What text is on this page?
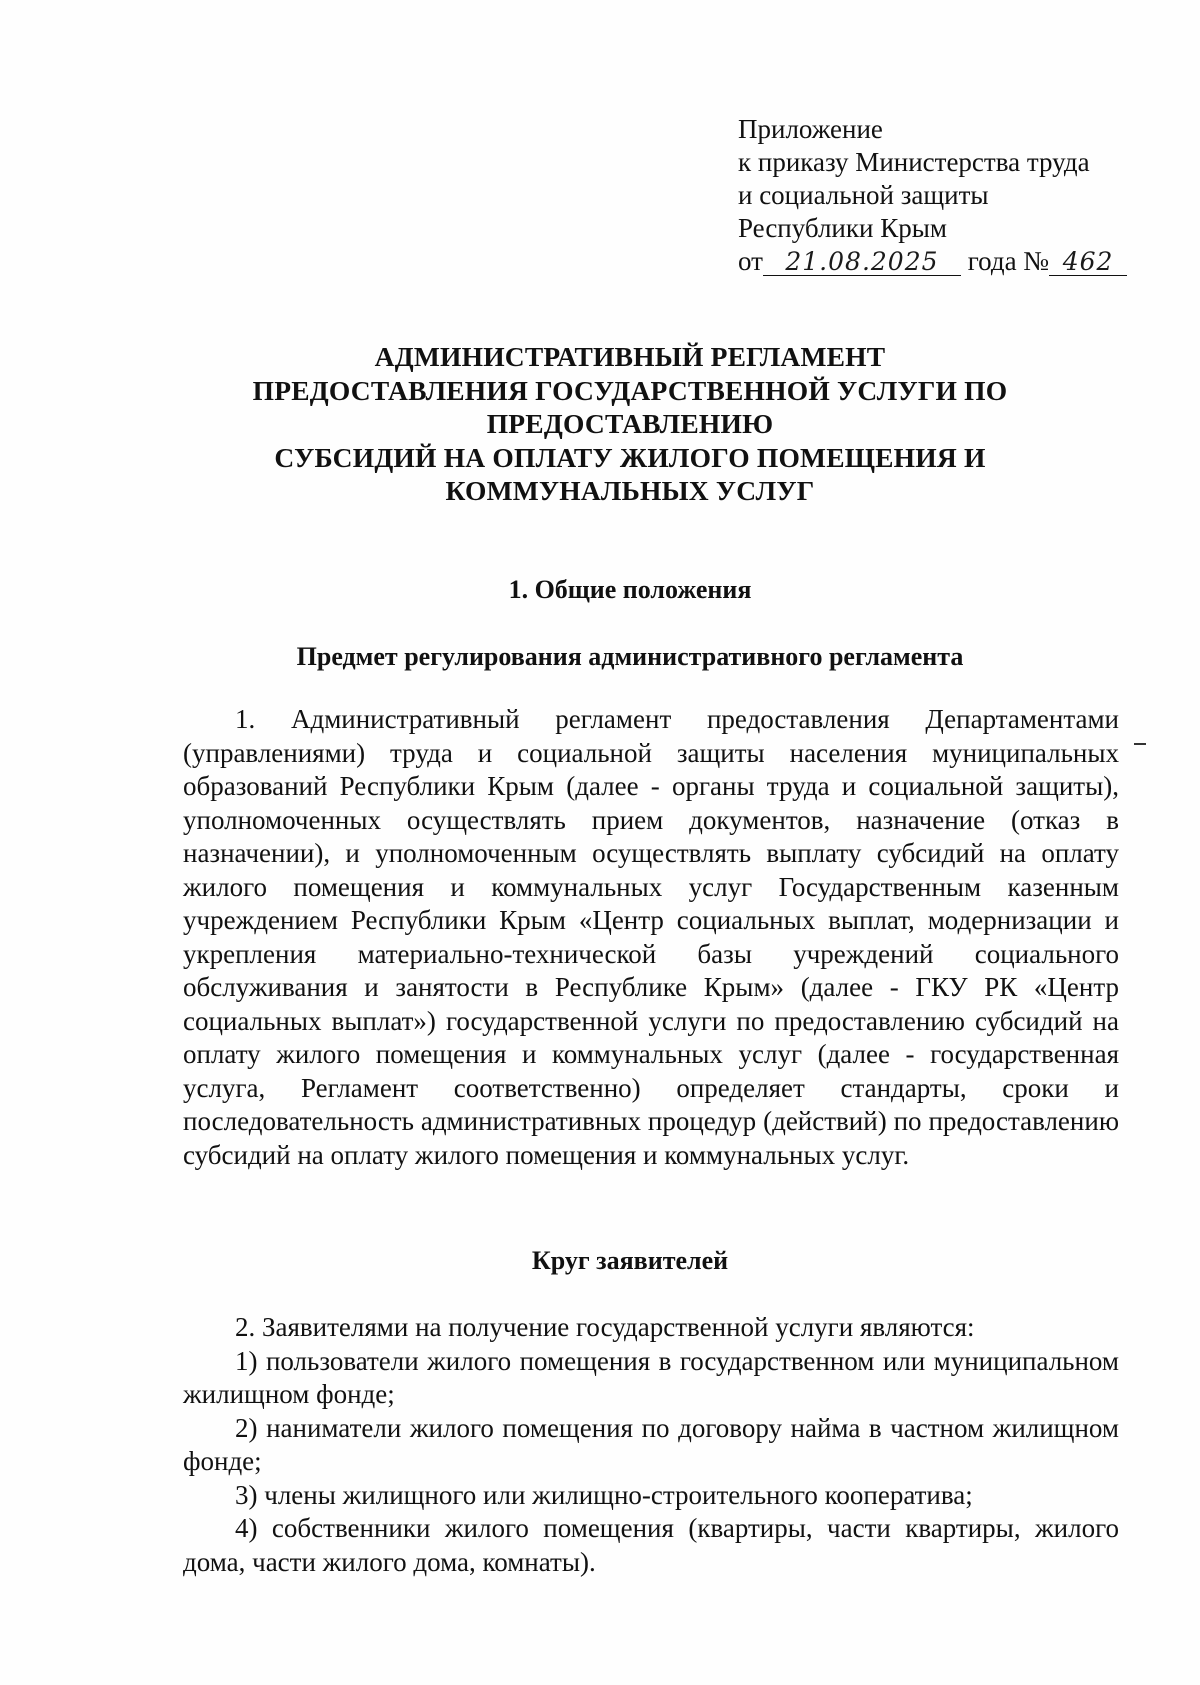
Приложение
к приказу Министерства труда
и социальной защиты
Республики Крым
от 21.08.2025 года № 462
АДМИНИСТРАТИВНЫЙ РЕГЛАМЕНТ
ПРЕДОСТАВЛЕНИЯ ГОСУДАРСТВЕННОЙ УСЛУГИ ПО
ПРЕДОСТАВЛЕНИЮ
СУБСИДИЙ НА ОПЛАТУ ЖИЛОГО ПОМЕЩЕНИЯ И
КОММУНАЛЬНЫХ УСЛУГ
1. Общие положения
Предмет регулирования административного регламента
1. Административный регламент предоставления Департаментами (управлениями) труда и социальной защиты населения муниципальных образований Республики Крым (далее - органы труда и социальной защиты), уполномоченных осуществлять прием документов, назначение (отказ в назначении), и уполномоченным осуществлять выплату субсидий на оплату жилого помещения и коммунальных услуг Государственным казенным учреждением Республики Крым «Центр социальных выплат, модернизации и укрепления материально-технической базы учреждений социального обслуживания и занятости в Республике Крым» (далее - ГКУ РК «Центр социальных выплат») государственной услуги по предоставлению субсидий на оплату жилого помещения и коммунальных услуг (далее - государственная услуга, Регламент соответственно) определяет стандарты, сроки и последовательность административных процедур (действий) по предоставлению субсидий на оплату жилого помещения и коммунальных услуг.
Круг заявителей
2. Заявителями на получение государственной услуги являются:
1) пользователи жилого помещения в государственном или муниципальном жилищном фонде;
2) наниматели жилого помещения по договору найма в частном жилищном фонде;
3) члены жилищного или жилищно-строительного кооператива;
4) собственники жилого помещения (квартиры, части квартиры, жилого дома, части жилого дома, комнаты).
